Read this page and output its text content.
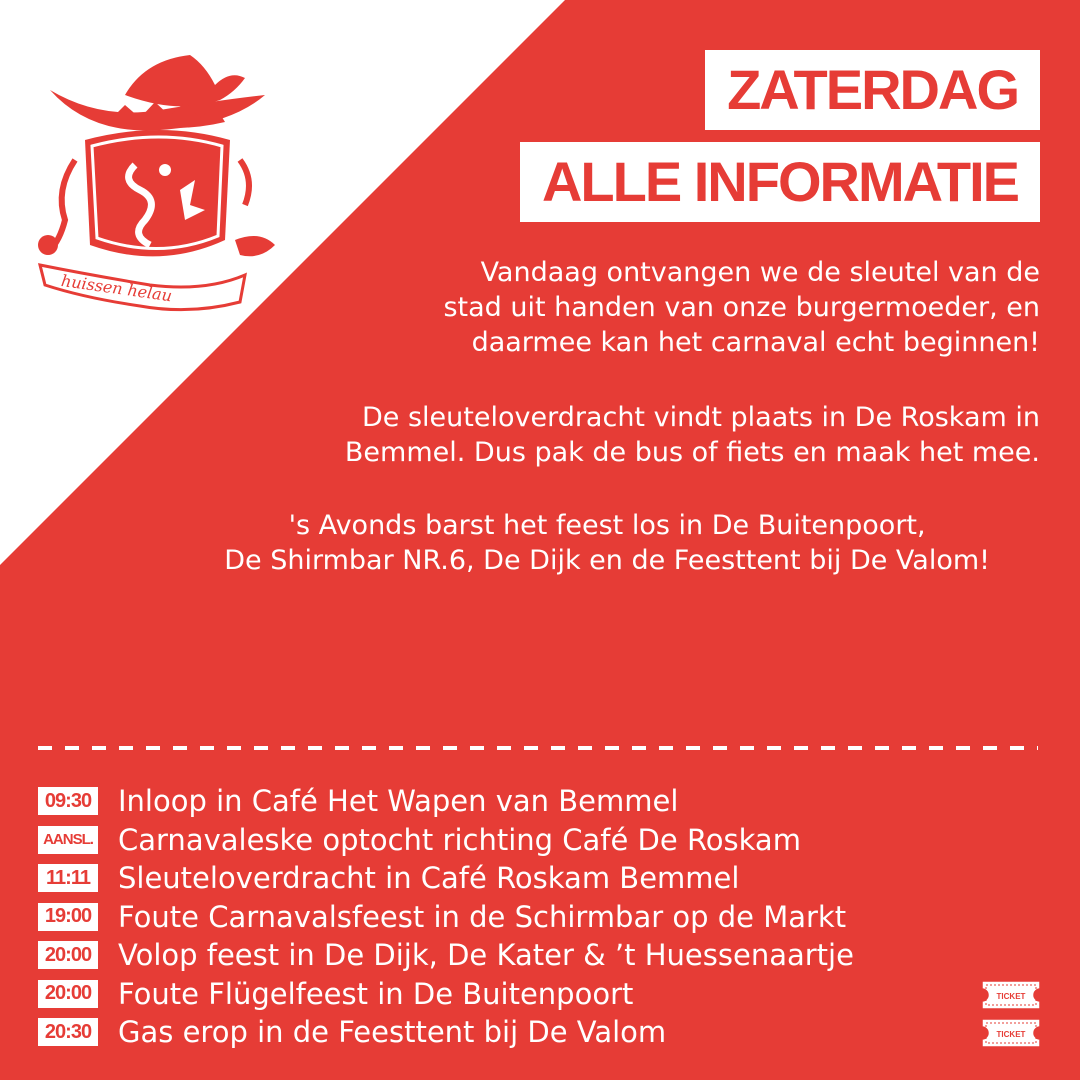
huissen helau
ZATERDAG
ALLE INFORMATIE
Vandaag ontvangen we de sleutel van de
stad uit handen van onze burgermoeder, en
daarmee kan het carnaval echt beginnen!
De sleuteloverdracht vindt plaats in De Roskam in
Bemmel. Dus pak de bus of fiets en maak het mee.
's Avonds barst het feest los in De Buitenpoort,
De Shirmbar NR.6, De Dijk en de Feesttent bij De Valom!
09:30 Inloop in Café Het Wapen van Bemmel
AANSL. Carnavaleske optocht richting Café De Roskam
11:11 Sleuteloverdracht in Café Roskam Bemmel
19:00 Foute Carnavalsfeest in de Schirmbar op de Markt
20:00 Volop feest in De Dijk, De Kater & ’t Huessenaartje
20:00 Foute Flügelfeest in De Buitenpoort	TICKET
20:30 Gas erop in de Feesttent bij De Valom	TICKET
